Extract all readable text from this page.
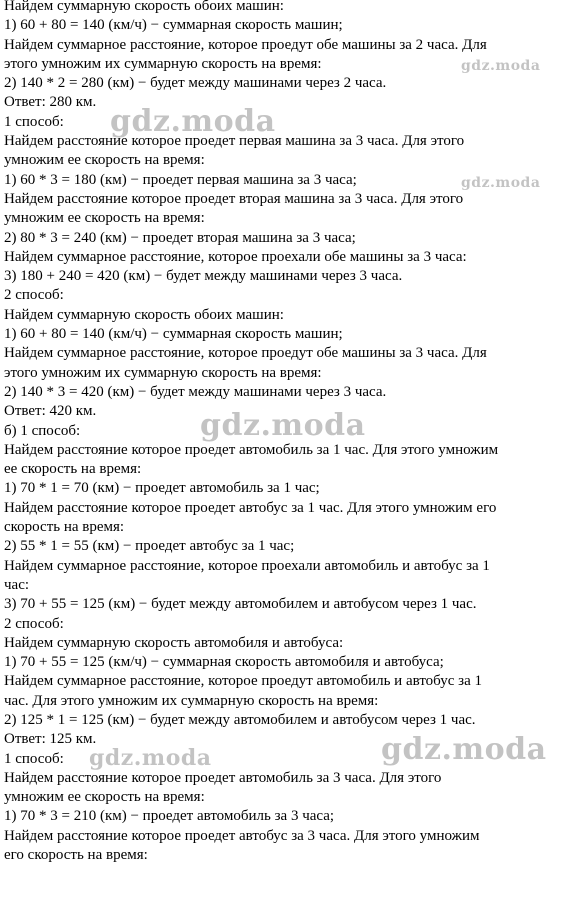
Найдем суммарную скорость обоих машин:
1) 60 + 80 = 140 (км/ч) − суммарная скорость машин;
Найдем суммарное расстояние, которое проедут обе машины за 2 часа. Для
этого умножим их суммарную скорость на время:
2) 140 * 2 = 280 (км) − будет между машинами через 2 часа.
Ответ: 280 км.
1 способ:
Найдем расстояние которое проедет первая машина за 3 часа. Для этого
умножим ее скорость на время:
1) 60 * 3 = 180 (км) − проедет первая машина за 3 часа;
Найдем расстояние которое проедет вторая машина за 3 часа. Для этого
умножим ее скорость на время:
2) 80 * 3 = 240 (км) − проедет вторая машина за 3 часа;
Найдем суммарное расстояние, которое проехали обе машины за 3 часа:
3) 180 + 240 = 420 (км) − будет между машинами через 3 часа.
2 способ:
Найдем суммарную скорость обоих машин:
1) 60 + 80 = 140 (км/ч) − суммарная скорость машин;
Найдем суммарное расстояние, которое проедут обе машины за 3 часа. Для
этого умножим их суммарную скорость на время:
2) 140 * 3 = 420 (км) − будет между машинами через 3 часа.
Ответ: 420 км.
б) 1 способ:
Найдем расстояние которое проедет автомобиль за 1 час. Для этого умножим
ее скорость на время:
1) 70 * 1 = 70 (км) − проедет автомобиль за 1 час;
Найдем расстояние которое проедет автобус за 1 час. Для этого умножим его
скорость на время:
2) 55 * 1 = 55 (км) − проедет автобус за 1 час;
Найдем суммарное расстояние, которое проехали автомобиль и автобус за 1
час:
3) 70 + 55 = 125 (км) − будет между автомобилем и автобусом через 1 час.
2 способ:
Найдем суммарную скорость автомобиля и автобуса:
1) 70 + 55 = 125 (км/ч) − суммарная скорость автомобиля и автобуса;
Найдем суммарное расстояние, которое проедут автомобиль и автобус за 1
час. Для этого умножим их суммарную скорость на время:
2) 125 * 1 = 125 (км) − будет между автомобилем и автобусом через 1 час.
Ответ: 125 км.
1 способ:
Найдем расстояние которое проедет автомобиль за 3 часа. Для этого
умножим ее скорость на время:
1) 70 * 3 = 210 (км) − проедет автомобиль за 3 часа;
Найдем расстояние которое проедет автобус за 3 часа. Для этого умножим
его скорость на время:
gdz.moda
gdz.moda
gdz.moda
gdz.moda
gdz.moda	gdz.moda
